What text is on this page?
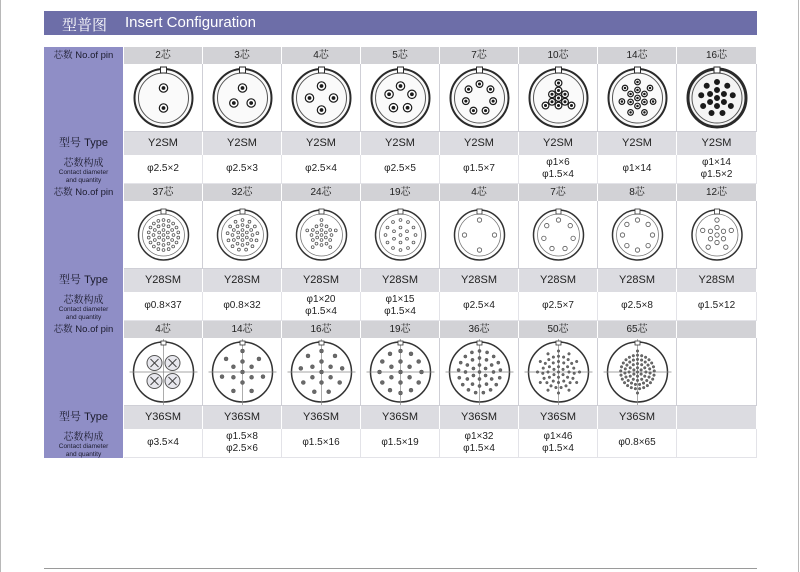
型普图 Insert Configuration
芯数 No.of pin
型号 Type
芯数构成
Contact diameter
and quantity
2芯
Y2SM
φ2.5×2
3芯
Y2SM
φ2.5×3
4芯
Y2SM
φ2.5×4
5芯
Y2SM
φ2.5×5
7芯
Y2SM
φ1.5×7
10芯
Y2SM
φ1×6
φ1.5×4
14芯
Y2SM
φ1×14
16芯
Y2SM
φ1×14
φ1.5×2
芯数 No.of pin
型号 Type
芯数构成
Contact diameter
and quantity
37芯
Y28SM
φ0.8×37
32芯
Y28SM
φ0.8×32
24芯
Y28SM
φ1×20
φ1.5×4
19芯
Y28SM
φ1×15
φ1.5×4
4芯
Y28SM
φ2.5×4
7芯
Y28SM
φ2.5×7
8芯
Y28SM
φ2.5×8
12芯
Y28SM
φ1.5×12
芯数 No.of pin
型号 Type
芯数构成
Contact diameter
and quantity
4芯
Y36SM
φ3.5×4
14芯
Y36SM
φ1.5×8
φ2.5×6
16芯
Y36SM
φ1.5×16
19芯
Y36SM
φ1.5×19
36芯
Y36SM
φ1×32
φ1.5×4
50芯
Y36SM
φ1×46
φ1.5×4
65芯
Y36SM
φ0.8×65
